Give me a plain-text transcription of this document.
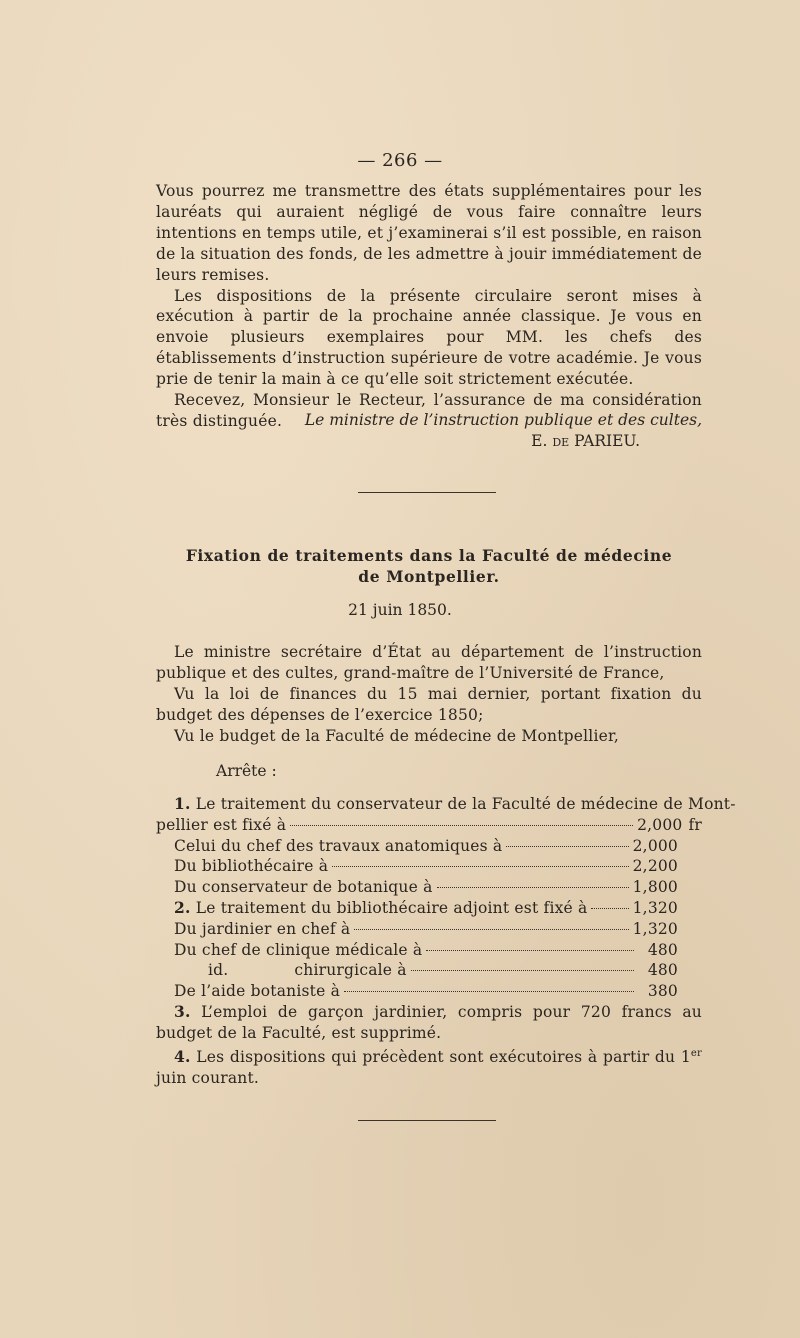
— 266 —

Vous pourrez me transmettre des états supplémentaires pour les lauréats qui auraient négligé de vous faire connaître leurs intentions en temps utile, et j’examinerai s’il est possible, en raison de la situation des fonds, de les admettre à jouir immédiatement de leurs remises.

Les dispositions de la présente circulaire seront mises à exécution à partir de la prochaine année classique. Je vous en envoie plusieurs exemplaires pour MM. les chefs des établissements d’instruction supérieure de votre académie. Je vous prie de tenir la main à ce qu’elle soit strictement exécutée.

Recevez, Monsieur le Recteur, l’assurance de ma considération très distinguée.	Le ministre de l’instruction publique et des cultes,
E. de PARIEU.
Fixation de traitements dans la Faculté de médecine
de Montpellier.
21 juin 1850.

Le ministre secrétaire d’État au département de l’instruction publique et des cultes, grand-maître de l’Université de France,

Vu la loi de finances du 15 mai dernier, portant fixation du budget des dépenses de l’exercice 1850;

Vu le budget de la Faculté de médecine de Montpellier,

Arrête :
1. Le traitement du conservateur de la Faculté de médecine de Mont-
pellier est fixé à	2,000 fr
Celui du chef des travaux anatomiques à	2,000
Du bibliothécaire à	2,200
Du conservateur de botanique à	1,800
2. Le traitement du bibliothécaire adjoint est fixé à	1,320
Du jardinier en chef à	1,320
Du chef de clinique médicale à	480
id.	chirurgicale à	480
De l’aide botaniste à	380

3. L’emploi de garçon jardinier, compris pour 720 francs au budget de la Faculté, est supprimé.

4. Les dispositions qui précèdent sont exécutoires à partir du 1er juin courant.
